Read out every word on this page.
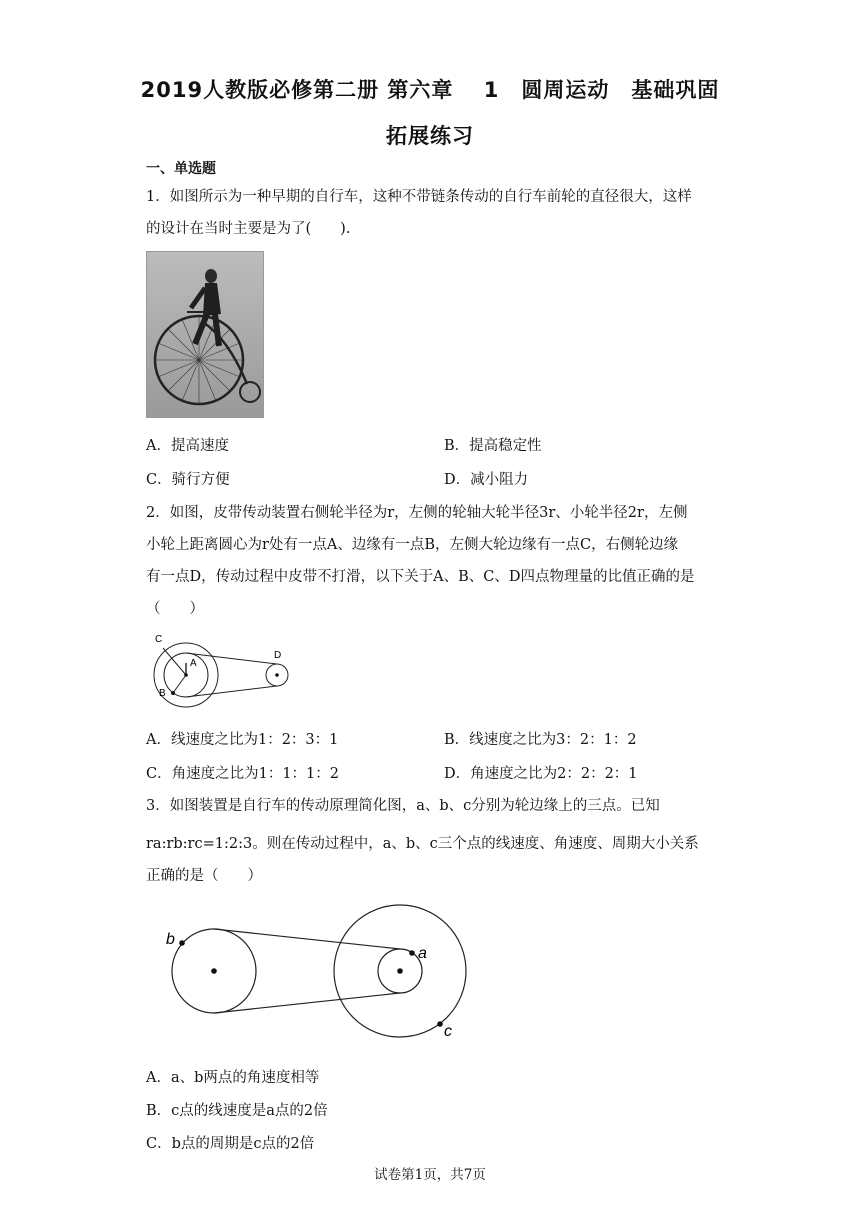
2019人教版必修第二册 第六章　 1　圆周运动　基础巩固
拓展练习
一、单选题
1．如图所示为一种早期的自行车，这种不带链条传动的自行车前轮的直径很大，这样
的设计在当时主要是为了(　　).
A．提高速度	B．提高稳定性
C．骑行方便	D．减小阻力
2．如图，皮带传动装置右侧轮半径为r，左侧的轮轴大轮半径3r、小轮半径2r，左侧
小轮上距离圆心为r处有一点A、边缘有一点B，左侧大轮边缘有一点C，右侧轮边缘
有一点D，传动过程中皮带不打滑，以下关于A、B、C、D四点物理量的比值正确的是
（　　）
C
A
B
D
A．线速度之比为1：2：3：1	B．线速度之比为3：2：1：2
C．角速度之比为1：1：1：2	D．角速度之比为2：2：2：1
3．如图装置是自行车的传动原理简化图，a、b、c分别为轮边缘上的三点。已知
ra:rb:rc=1:2:3。则在传动过程中，a、b、c三个点的线速度、角速度、周期大小关系
正确的是（　　）
b
a
c
A．a、b两点的角速度相等
B．c点的线速度是a点的2倍
C．b点的周期是c点的2倍
试卷第1页，共7页
